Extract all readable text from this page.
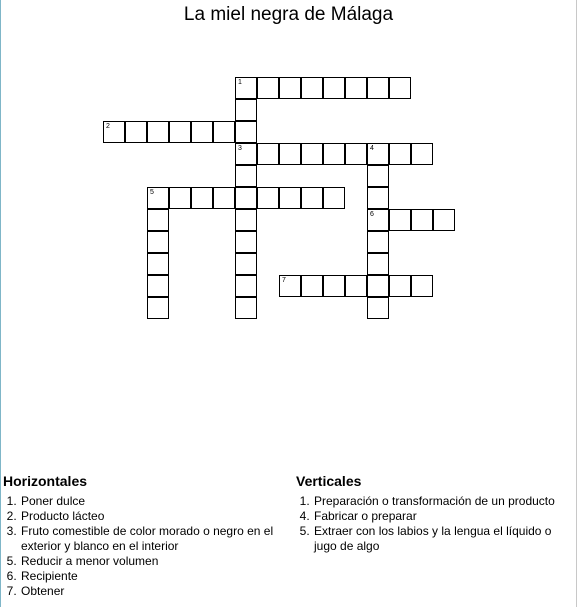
La miel negra de Málaga
1
2
3	4
6
5
7
Horizontales
1. Poner dulce
2. Producto lácteo
3. Fruto comestible de color morado o negro en el exterior y blanco en el interior
5. Reducir a menor volumen
6. Recipiente
7. Obtener
Verticales
1. Preparación o transformación de un producto
4. Fabricar o preparar
5. Extraer con los labios y la lengua el líquido o jugo de algo
